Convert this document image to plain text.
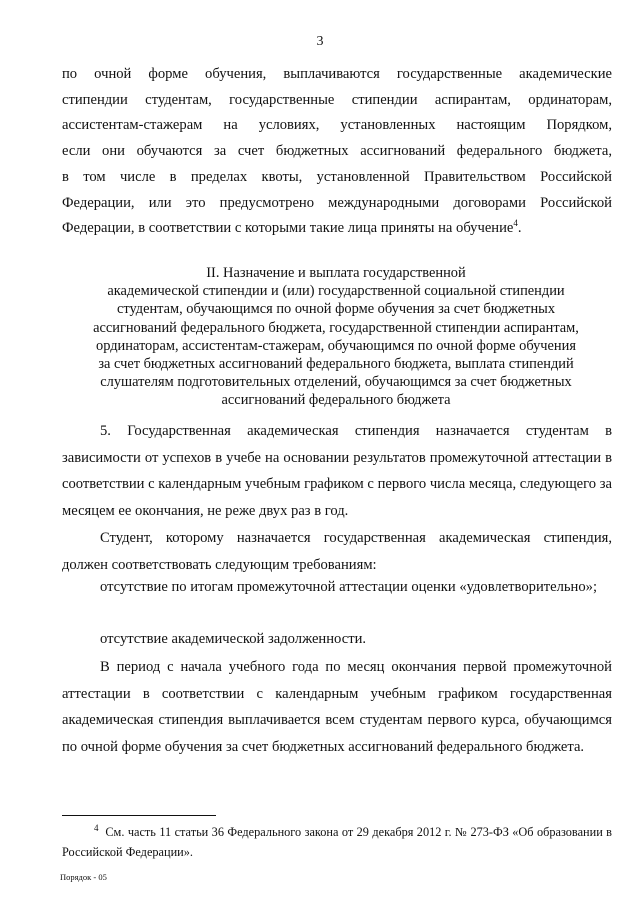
3
по очной форме обучения, выплачиваются государственные академические
стипендии студентам, государственные стипендии аспирантам, ординаторам,
ассистентам-стажерам на условиях, установленных настоящим Порядком,
если они обучаются за счет бюджетных ассигнований федерального бюджета,
в том числе в пределах квоты, установленной Правительством Российской
Федерации, или это предусмотрено международными договорами Российской
Федерации, в соответствии с которыми такие лица приняты на обучение$^4$.
II. Назначение и выплата государственной
академической стипендии и (или) государственной социальной стипендии
студентам, обучающимся по очной форме обучения за счет бюджетных
ассигнований федерального бюджета, государственной стипендии аспирантам,
ординаторам, ассистентам-стажерам, обучающимся по очной форме обучения
за счет бюджетных ассигнований федерального бюджета, выплата стипендий
слушателям подготовительных отделений, обучающимся за счет бюджетных
ассигнований федерального бюджета
5. Государственная академическая стипендия назначается студентам в зависимости от успехов в учебе на основании результатов промежуточной аттестации в соответствии с календарным учебным графиком с первого числа месяца, следующего за месяцем ее окончания, не реже двух раз в год.
Студент, которому назначается государственная академическая стипендия, должен соответствовать следующим требованиям:
отсутствие по итогам промежуточной аттестации оценки «удовлетворительно»;
отсутствие академической задолженности.
В период с начала учебного года по месяц окончания первой промежуточной аттестации в соответствии с календарным учебным графиком государственная академическая стипендия выплачивается всем студентам первого курса, обучающимся по очной форме обучения за счет бюджетных ассигнований федерального бюджета.
$^4$ См. часть 11 статьи 36 Федерального закона от 29 декабря 2012 г. № 273-ФЗ «Об образовании в Российской Федерации».
Порядок - 05
